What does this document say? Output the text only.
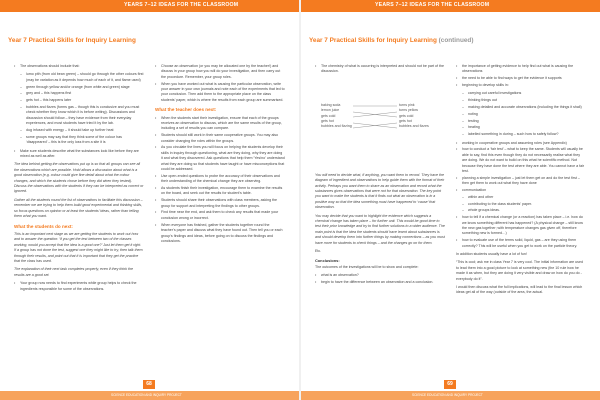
YEARS 7–12 IDEAS FOR THE CLASSROOM
Year 7 Practical Skills for Inquiry Learning
• The observations should include that:
– lumo pith (from old bean green) – should go through the other colours first (may be variation as it depends how much of each of it, and flame used)
– green through yellow and/or orange (from white and green) stage
– grey and – this happens first
– gets hot – this happens later
– bubbles and fizzes (forms gas – though this is conclusive and you must check whether they know which it is before writing). Discussions and discussion should follow – they have evidence from their everyday experiences, and most students have tried it by the lab.
– dug infused with energy – it should take up further heat
– some groups may say that they think some of the colour has ‘disappeared’ – this is the only loss from a site it is
• Make sure students describe what the substances look like before they are mixed as well as after.

The idea behind getting the observations put up is so that all groups can see all the observations which are possible. Hold allows a discussion about what is a good observation (e.g. colour could give fine detail about what the colour changes, and which the students chose before they did when they tested). Discuss the observations with the students if they can be interpreted as correct or ignored.

Gather all the students round the list of observations to facilitate this discussion – remember we are trying to help them build good experimental and thinking skills, so focus questions on opinion or at least the students’ ideas, rather than telling them what you want.

What the students do next:

This is an important next stage as we are getting the students to work out how and to answer the question: ‘if you get the test between two of the classes working, would you accept that the idea is a good one?’ Just let them get it right. If a group has not done the test, suggest one they might like to try, then talk them through their results, and point out that it is important that they get the practice that the class has used.

The explanation of their next task completes properly, even if they think the results are a good set.

• Your group now needs to find experiments while group helps to check the ingredients responsible for some of the observations.
• Choose an observation (or you may be allocated one by the teacher!) and discuss in your group how you will do your investigation, and then carry out the procedure. Remember, your group roles.
• When you have worked out what is causing the particular observation, write your answer in your own journals and note each of the experiments that led to your conclusion. Then add them to the appropriate place on the class students’ paper, which is where the results from each group are summarised.
What the teacher does next:
• When the students start their investigation, ensure that each of the groups receives an observation to discuss, which are the same results of the group, including a set of results you can compare.
• Students should still work in their same cooperative groups. You may also consider changing the roles within the groups.
• As you circulate the lines you will focus on helping the students develop their skills in inquiry through questioning, what are they doing, why they are doing it and what they discovered. Ask questions that help them ‘Yes/no’ understand what they are doing so that students have taught or have misconceptions that could be addressed.
• Use open-ended questions to probe the accuracy of their observations and their understanding of the chemical change they are observing.
• As students finish their investigation, encourage them to examine the results on the board, and seek out the results for student’s table.
• Students should share their observations with class members, asking the group for support and interpreting the findings to other groups.
• Find time near the end, and ask them to check any results that made your conclusion wrong or incorrect.
• When everyone has finished, gather the students together round the teacher’s paper and discuss what they have found out. Then tell you or each group’s findings and ideas, before going on to discuss the findings and conclusions.
68
SCIENCE EDUCATION AND INQUIRY PROJECT
YEARS 7–12 IDEAS FOR THE CLASSROOM
Year 7 Practical Skills for Inquiry Learning (continued)
• The chemistry of what is occurring is interpreted and should not be part of the discussion.
baking soda
lemon juice
gets cold
gets hot
bubbles and fizzing
turns pink
turns yellow
gets cold
gets hot
bubbles and fizzes

You will need to decide what, if anything, you want them to record. They have the diagram of ingredient and observations to help guide them with the format of their activity. Perhaps you want them to share as an observation and record what the substances gives observations that were not for that observation. The key point you want to make the students is that it finds out what an observation is in a positive way so that the idea something must have happened to ‘cause’ that observation.

You may decide that you want to highlight the evidence which suggests a chemical change has taken place – for further unit. This would be good time to test their prior knowledge and try to find further solutions to a wider audience. The main point is that the idea the students should have learnt about substances is and should develop them into further things by making connections – as you must have more for students to check things – and the changes go on for them.

Etc.

Conclusions:

The outcomes of the investigations will be to show and complete:

• what is an observation?
• begin to have the difference between an observation and a conclusion.
• the importance of getting evidence to help find out what is causing the observations
• the need to be able to find ways to get the evidence it supports
• beginning to develop skills in:
– carrying out careful investigations
– thinking things out
– making detailed and accurate observations (including the things it shall)
– noting
– testing
– heating
– labelled something in during – such how to safely follow?
• working in cooperative groups and assuming roles (see Appendix)
• how to conduct a ‘fair test’ – what to keep the same. Students will usually be able to say, find this even though they do not necessarily realise what they are doing. We do not want to build on this what he scientific method. Not because they have done the test where they are able. You cannot have a fair test.
• planning a simple investigation – just let them get on and do the test first – then get them to work out what they have done
• communication
– within and other
– contributing to the class students’ paper.
– whole groups ideas.
• how to tell if a chemical change (or a reaction) has taken place – i.e. how do we know something different has happened? (A physical change – still know the new gas together; with temperature changes gas given off, therefore something new is formed…)
• how to evaluate use of the terms solid, liquid, gas – are they using them correctly? This will be useful when you get to work on the particle theory.

In addition students usually have a lot of fun!

“This is cool; ask me in class Year 7 is very cool. The initial information are used to lead them into a good picture to look at something new (the 10 rule how he made it as when, but they are doing it very visible and draw on how do you do - everybody do it”.

I would then discuss what the full implications, will lead to the final lesson which ideas get all of the way (outside of the area, the actual.

69
SCIENCE EDUCATION AND INQUIRY PROJECT
